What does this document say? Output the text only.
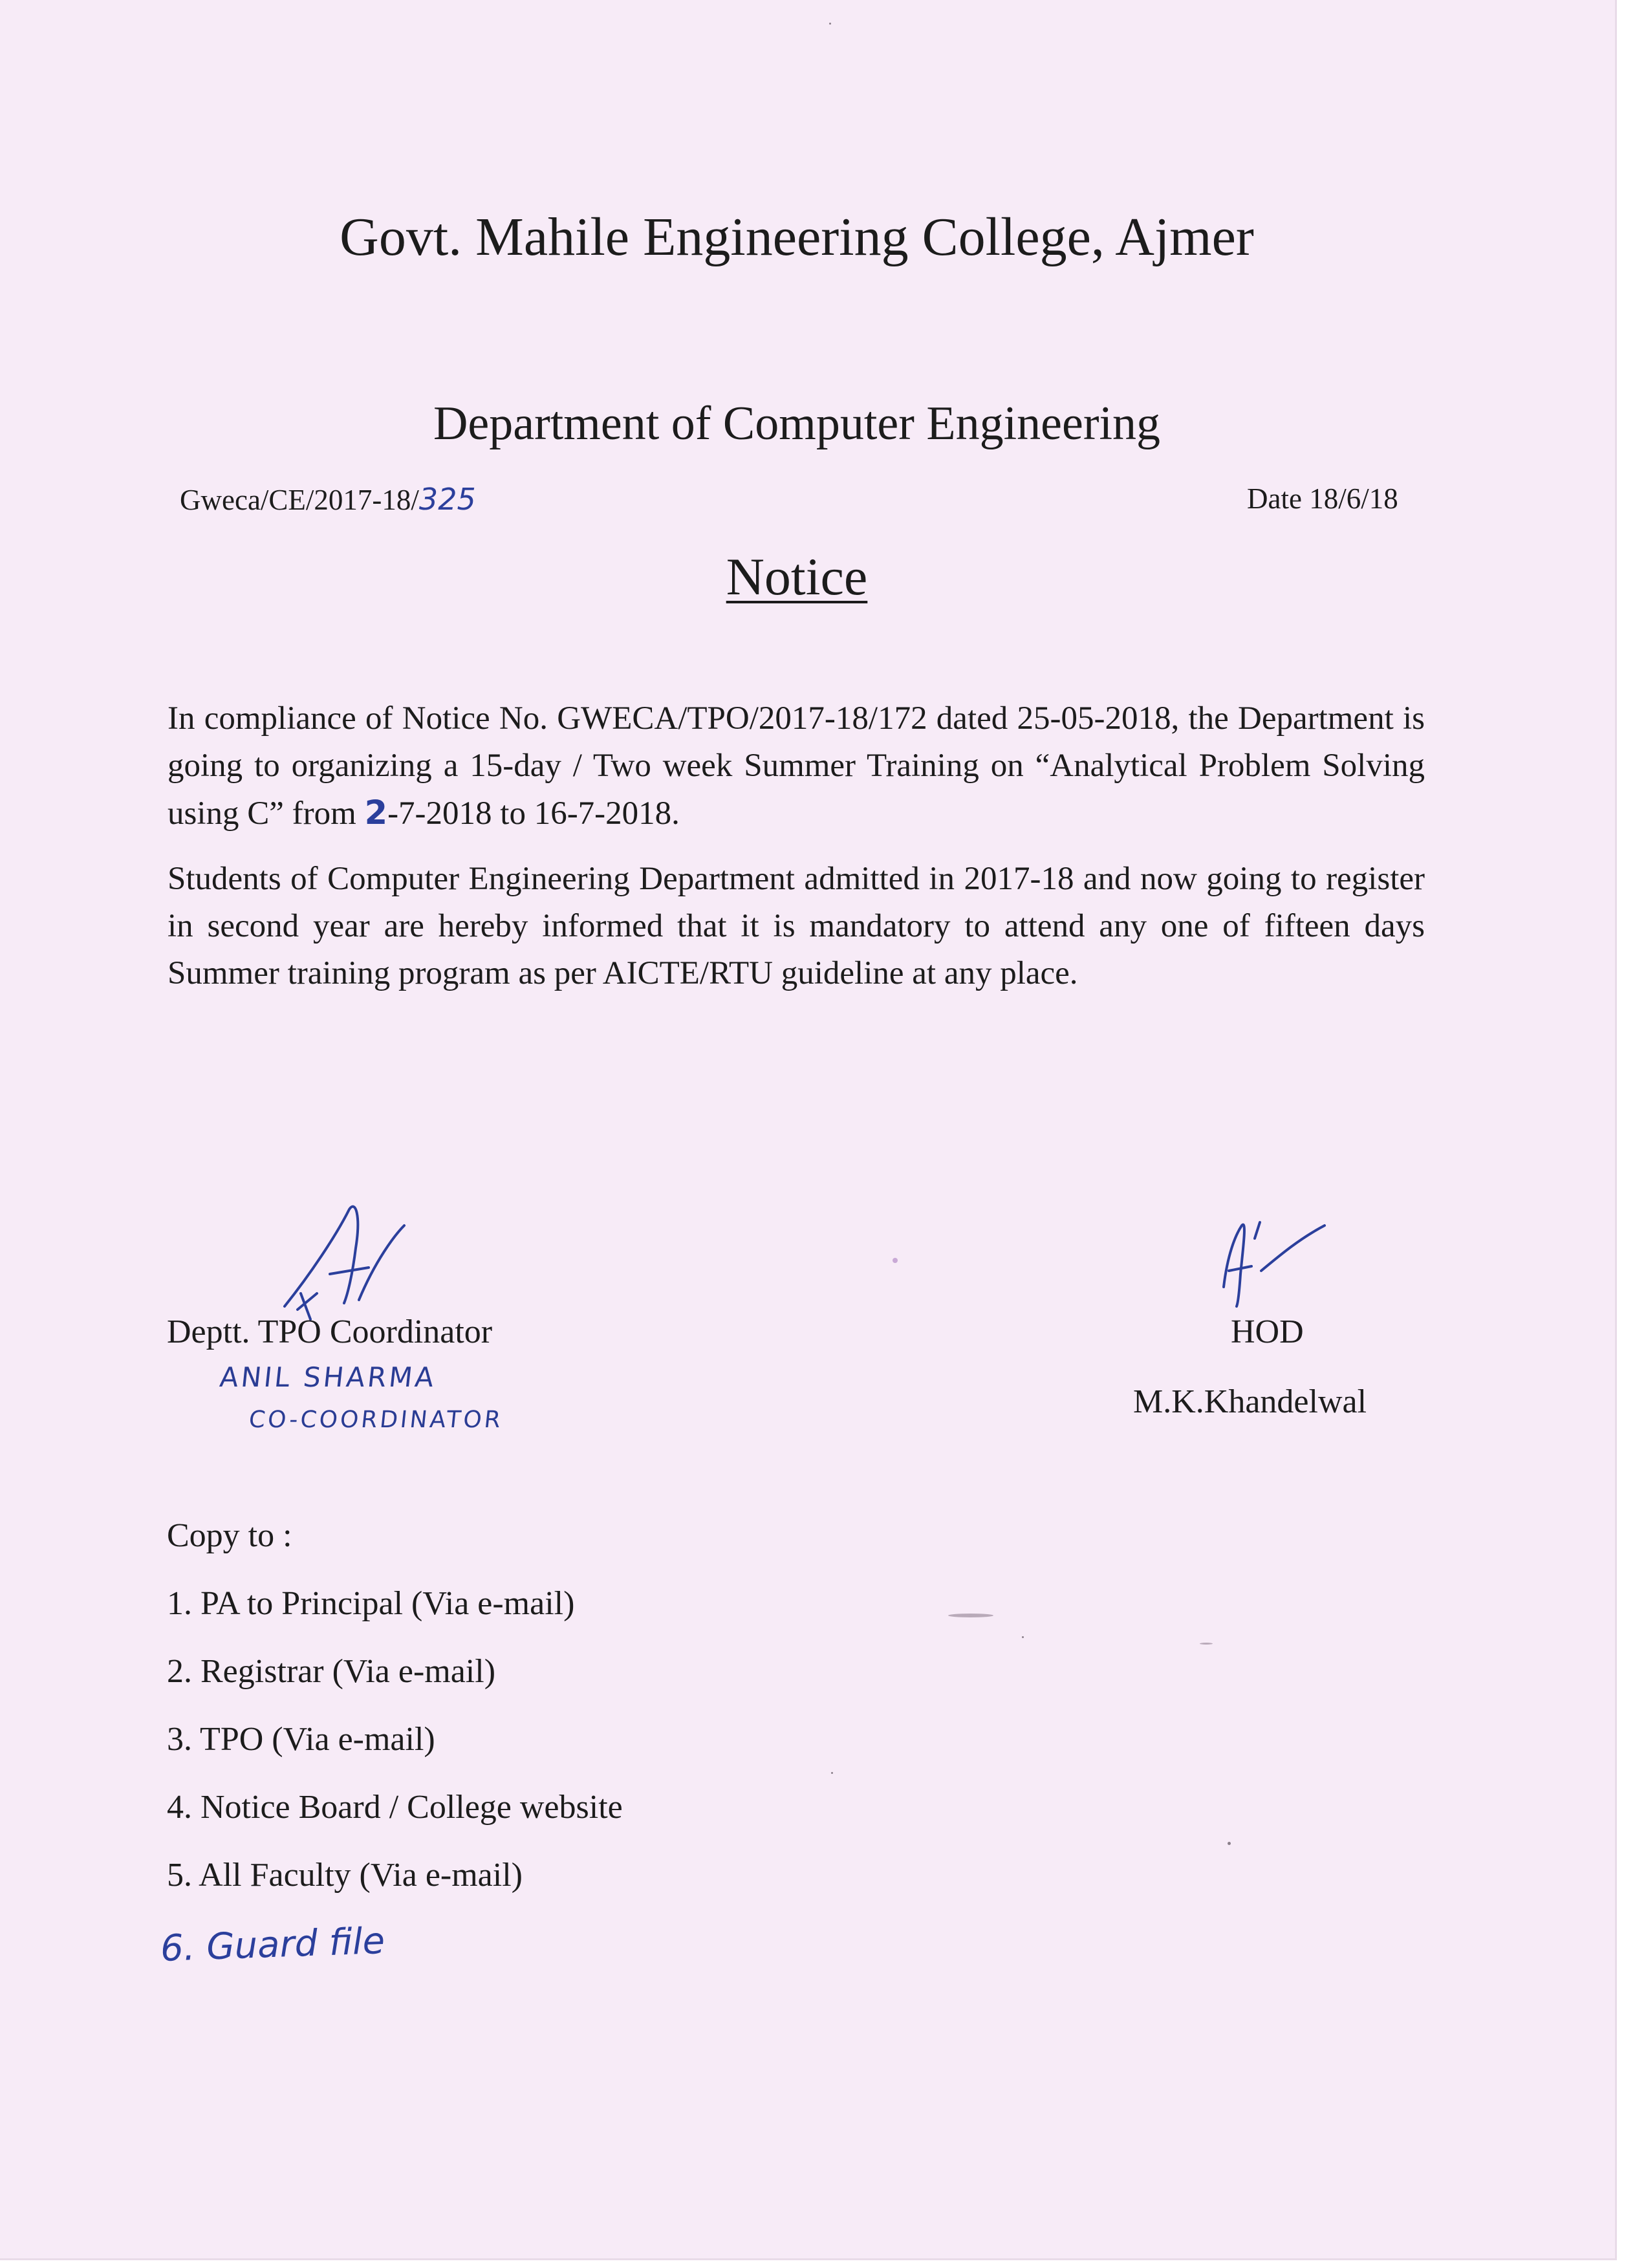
Govt. Mahile Engineering College, Ajmer
Department of Computer Engineering
Gweca/CE/2017-18/325	Date 18/6/18
Notice
In compliance of Notice No. GWECA/TPO/2017-18/172 dated 25-05-2018, the Department is going to organizing a 15-day / Two week Summer Training on “Analytical Problem Solving using C” from 2-7-2018 to 16-7-2018.
Students of Computer Engineering Department admitted in 2017-18 and now going to register in second year are hereby informed that it is mandatory to attend any one of fifteen days Summer training program as per AICTE/RTU guideline at any place.
Deptt. TPO Coordinator
ANIL SHARMA
CO-COORDINATOR
HOD
M.K.Khandelwal
Copy to :
1. PA to Principal (Via e-mail)
2. Registrar (Via e-mail)
3. TPO (Via e-mail)
4. Notice Board / College website
5. All Faculty (Via e-mail)
6. Guard file
